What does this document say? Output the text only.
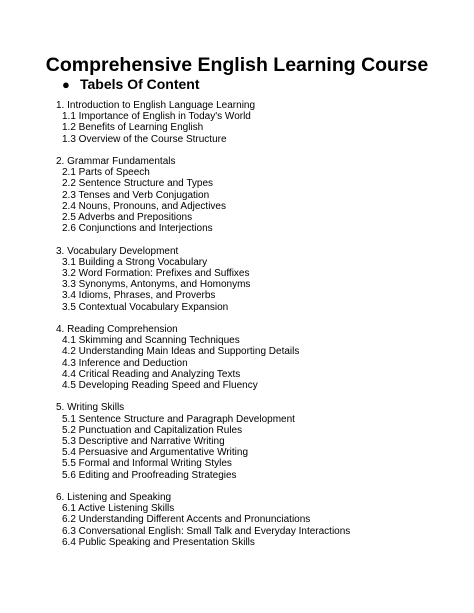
Comprehensive English Learning Course
● Tabels Of Content
1. Introduction to English Language Learning
1.1 Importance of English in Today's World
1.2 Benefits of Learning English
1.3 Overview of the Course Structure
2. Grammar Fundamentals
2.1 Parts of Speech
2.2 Sentence Structure and Types
2.3 Tenses and Verb Conjugation
2.4 Nouns, Pronouns, and Adjectives
2.5 Adverbs and Prepositions
2.6 Conjunctions and Interjections
3. Vocabulary Development
3.1 Building a Strong Vocabulary
3.2 Word Formation: Prefixes and Suffixes
3.3 Synonyms, Antonyms, and Homonyms
3.4 Idioms, Phrases, and Proverbs
3.5 Contextual Vocabulary Expansion
4. Reading Comprehension
4.1 Skimming and Scanning Techniques
4.2 Understanding Main Ideas and Supporting Details
4.3 Inference and Deduction
4.4 Critical Reading and Analyzing Texts
4.5 Developing Reading Speed and Fluency
5. Writing Skills
5.1 Sentence Structure and Paragraph Development
5.2 Punctuation and Capitalization Rules
5.3 Descriptive and Narrative Writing
5.4 Persuasive and Argumentative Writing
5.5 Formal and Informal Writing Styles
5.6 Editing and Proofreading Strategies
6. Listening and Speaking
6.1 Active Listening Skills
6.2 Understanding Different Accents and Pronunciations
6.3 Conversational English: Small Talk and Everyday Interactions
6.4 Public Speaking and Presentation Skills
